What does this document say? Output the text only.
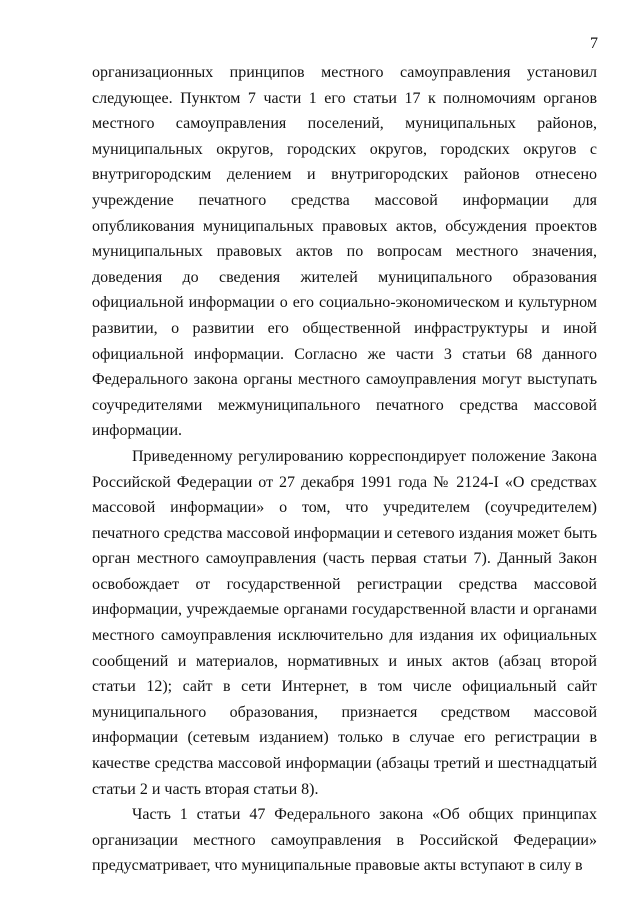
7

организационных принципов местного самоуправления установил следующее. Пунктом 7 части 1 его статьи 17 к полномочиям органов местного самоуправления поселений, муниципальных районов, муниципальных округов, городских округов, городских округов с внутригородским делением и внутригородских районов отнесено учреждение печатного средства массовой информации для опубликования муниципальных правовых актов, обсуждения проектов муниципальных правовых актов по вопросам местного значения, доведения до сведения жителей муниципального образования официальной информации о его социально-экономическом и культурном развитии, о развитии его общественной инфраструктуры и иной официальной информации. Согласно же части 3 статьи 68 данного Федерального закона органы местного самоуправления могут выступать соучредителями межмуниципального печатного средства массовой информации.

Приведенному регулированию корреспондирует положение Закона Российской Федерации от 27 декабря 1991 года № 2124-I «О средствах массовой информации» о том, что учредителем (соучредителем) печатного средства массовой информации и сетевого издания может быть орган местного самоуправления (часть первая статьи 7). Данный Закон освобождает от государственной регистрации средства массовой информации, учреждаемые органами государственной власти и органами местного самоуправления исключительно для издания их официальных сообщений и материалов, нормативных и иных актов (абзац второй статьи 12); сайт в сети Интернет, в том числе официальный сайт муниципального образования, признается средством массовой информации (сетевым изданием) только в случае его регистрации в качестве средства массовой информации (абзацы третий и шестнадцатый статьи 2 и часть вторая статьи 8).

Часть 1 статьи 47 Федерального закона «Об общих принципах организации местного самоуправления в Российской Федерации» предусматривает, что муниципальные правовые акты вступают в силу в
